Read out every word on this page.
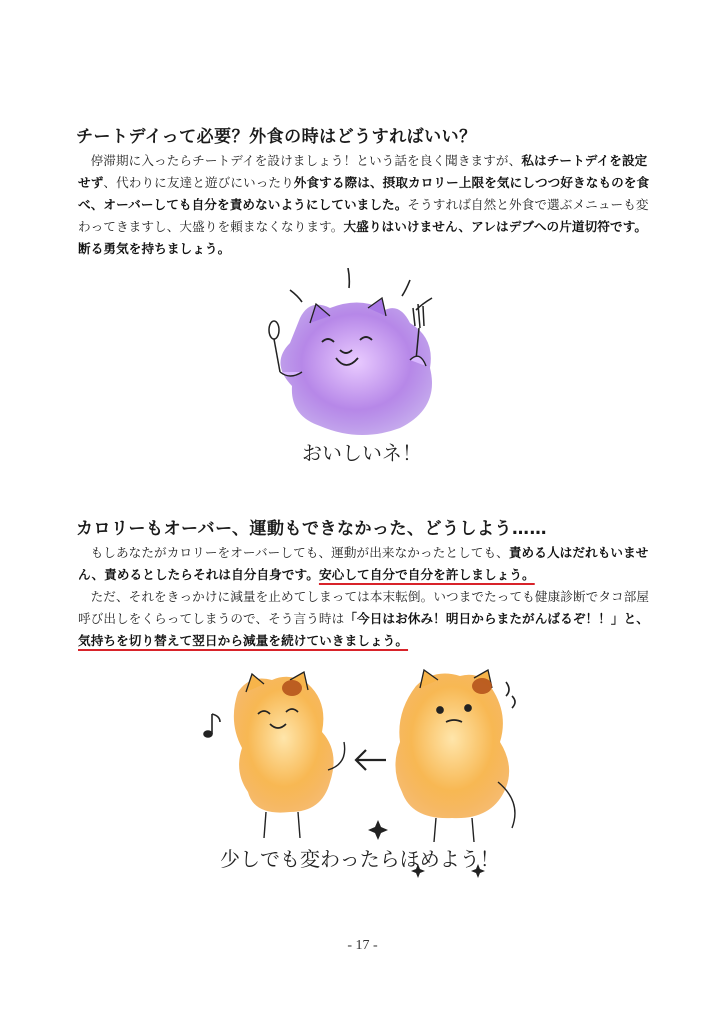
チートデイって必要？外食の時はどうすればいい？
停滞期に入ったらチートデイを設けましょう！という話を良く聞きますが、私はチートデイを設定せず、代わりに友達と遊びにいったり外食する際は、摂取カロリー上限を気にしつつ好きなものを食べ、オーバーしても自分を責めないようにしていました。そうすれば自然と外食で選ぶメニューも変わってきますし、大盛りを頼まなくなります。大盛りはいけません、アレはデブへの片道切符です。断る勇気を持ちましょう。
おいしいネ！
カロリーもオーバー、運動もできなかった、どうしよう……
もしあなたがカロリーをオーバーしても、運動が出来なかったとしても、責める人はだれもいません、責めるとしたらそれは自分自身です。安心して自分で自分を許しましょう。
ただ、それをきっかけに減量を止めてしまっては本末転倒。いつまでたっても健康診断でタコ部屋呼び出しをくらってしまうので、そう言う時は「今日はお休み！明日からまたがんばるぞ！！」と、気持ちを切り替えて翌日から減量を続けていきましょう。
少しでも変わったらほめよう！
- 17 -
